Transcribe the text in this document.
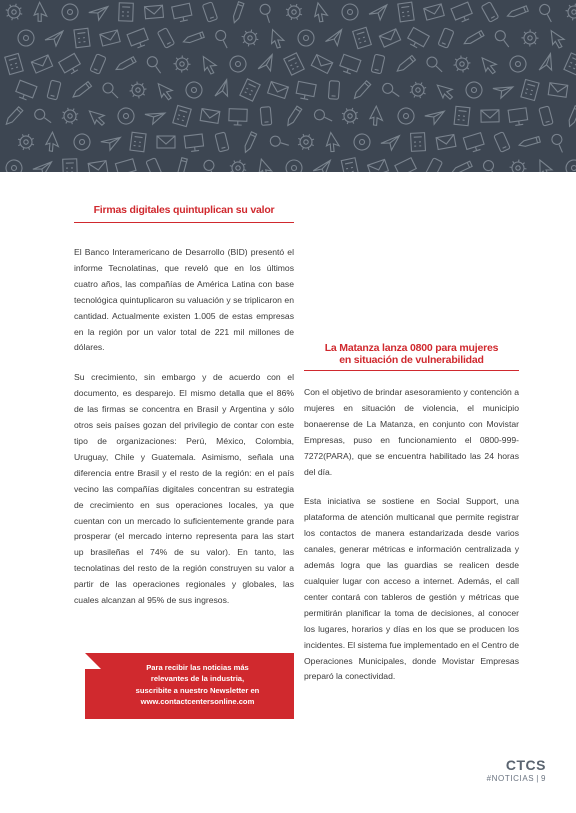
Firmas digitales quintuplican su valor

El Banco Interamericano de Desarrollo (BID) presentó el informe Tecnolatinas, que reveló que en los últimos cuatro años, las compañías de América Latina con base tecnológica quintuplicaron su valuación y se triplicaron en cantidad. Actualmente existen 1.005 de estas empresas en la región por un valor total de 221 mil millones de dólares.

Su crecimiento, sin embargo y de acuerdo con el documento, es desparejo. El mismo detalla que el 86% de las firmas se concentra en Brasil y Argentina y sólo otros seis países gozan del privilegio de contar con este tipo de organizaciones: Perú, México, Colombia, Uruguay, Chile y Guatemala. Asimismo, señala una diferencia entre Brasil y el resto de la región: en el país vecino las compañías digitales concentran su estrategia de crecimiento en sus operaciones locales, ya que cuentan con un mercado lo suficientemente grande para prosperar (el mercado interno representa para las start up brasileñas el 74% de su valor). En tanto, las tecnolatinas del resto de la región construyen su valor a partir de las operaciones regionales y globales, las cuales alcanzan al 95% de sus ingresos.

La Matanza lanza 0800 para mujeres
en situación de vulnerabilidad

Con el objetivo de brindar asesoramiento y contención a mujeres en situación de violencia, el municipio bonaerense de La Matanza, en conjunto con Movistar Empresas, puso en funcionamiento el 0800-999-7272(PARA), que se encuentra habilitado las 24 horas del día.

Esta iniciativa se sostiene en Social Support, una plataforma de atención multicanal que permite registrar los contactos de manera estandarizada desde varios canales, generar métricas e información centralizada y además logra que las guardias se realicen desde cualquier lugar con acceso a internet. Además, el call center contará con tableros de gestión y métricas que permitirán planificar la toma de decisiones, al conocer los lugares, horarios y días en los que se producen los incidentes. El sistema fue implementado en el Centro de Operaciones Municipales, donde Movistar Empresas preparó la conectividad.

Para recibir las noticias más
relevantes de la industria,
suscribite a nuestro Newsletter en
www.contactcentersonline.com
CTCS
#NOTICIAS | 9
